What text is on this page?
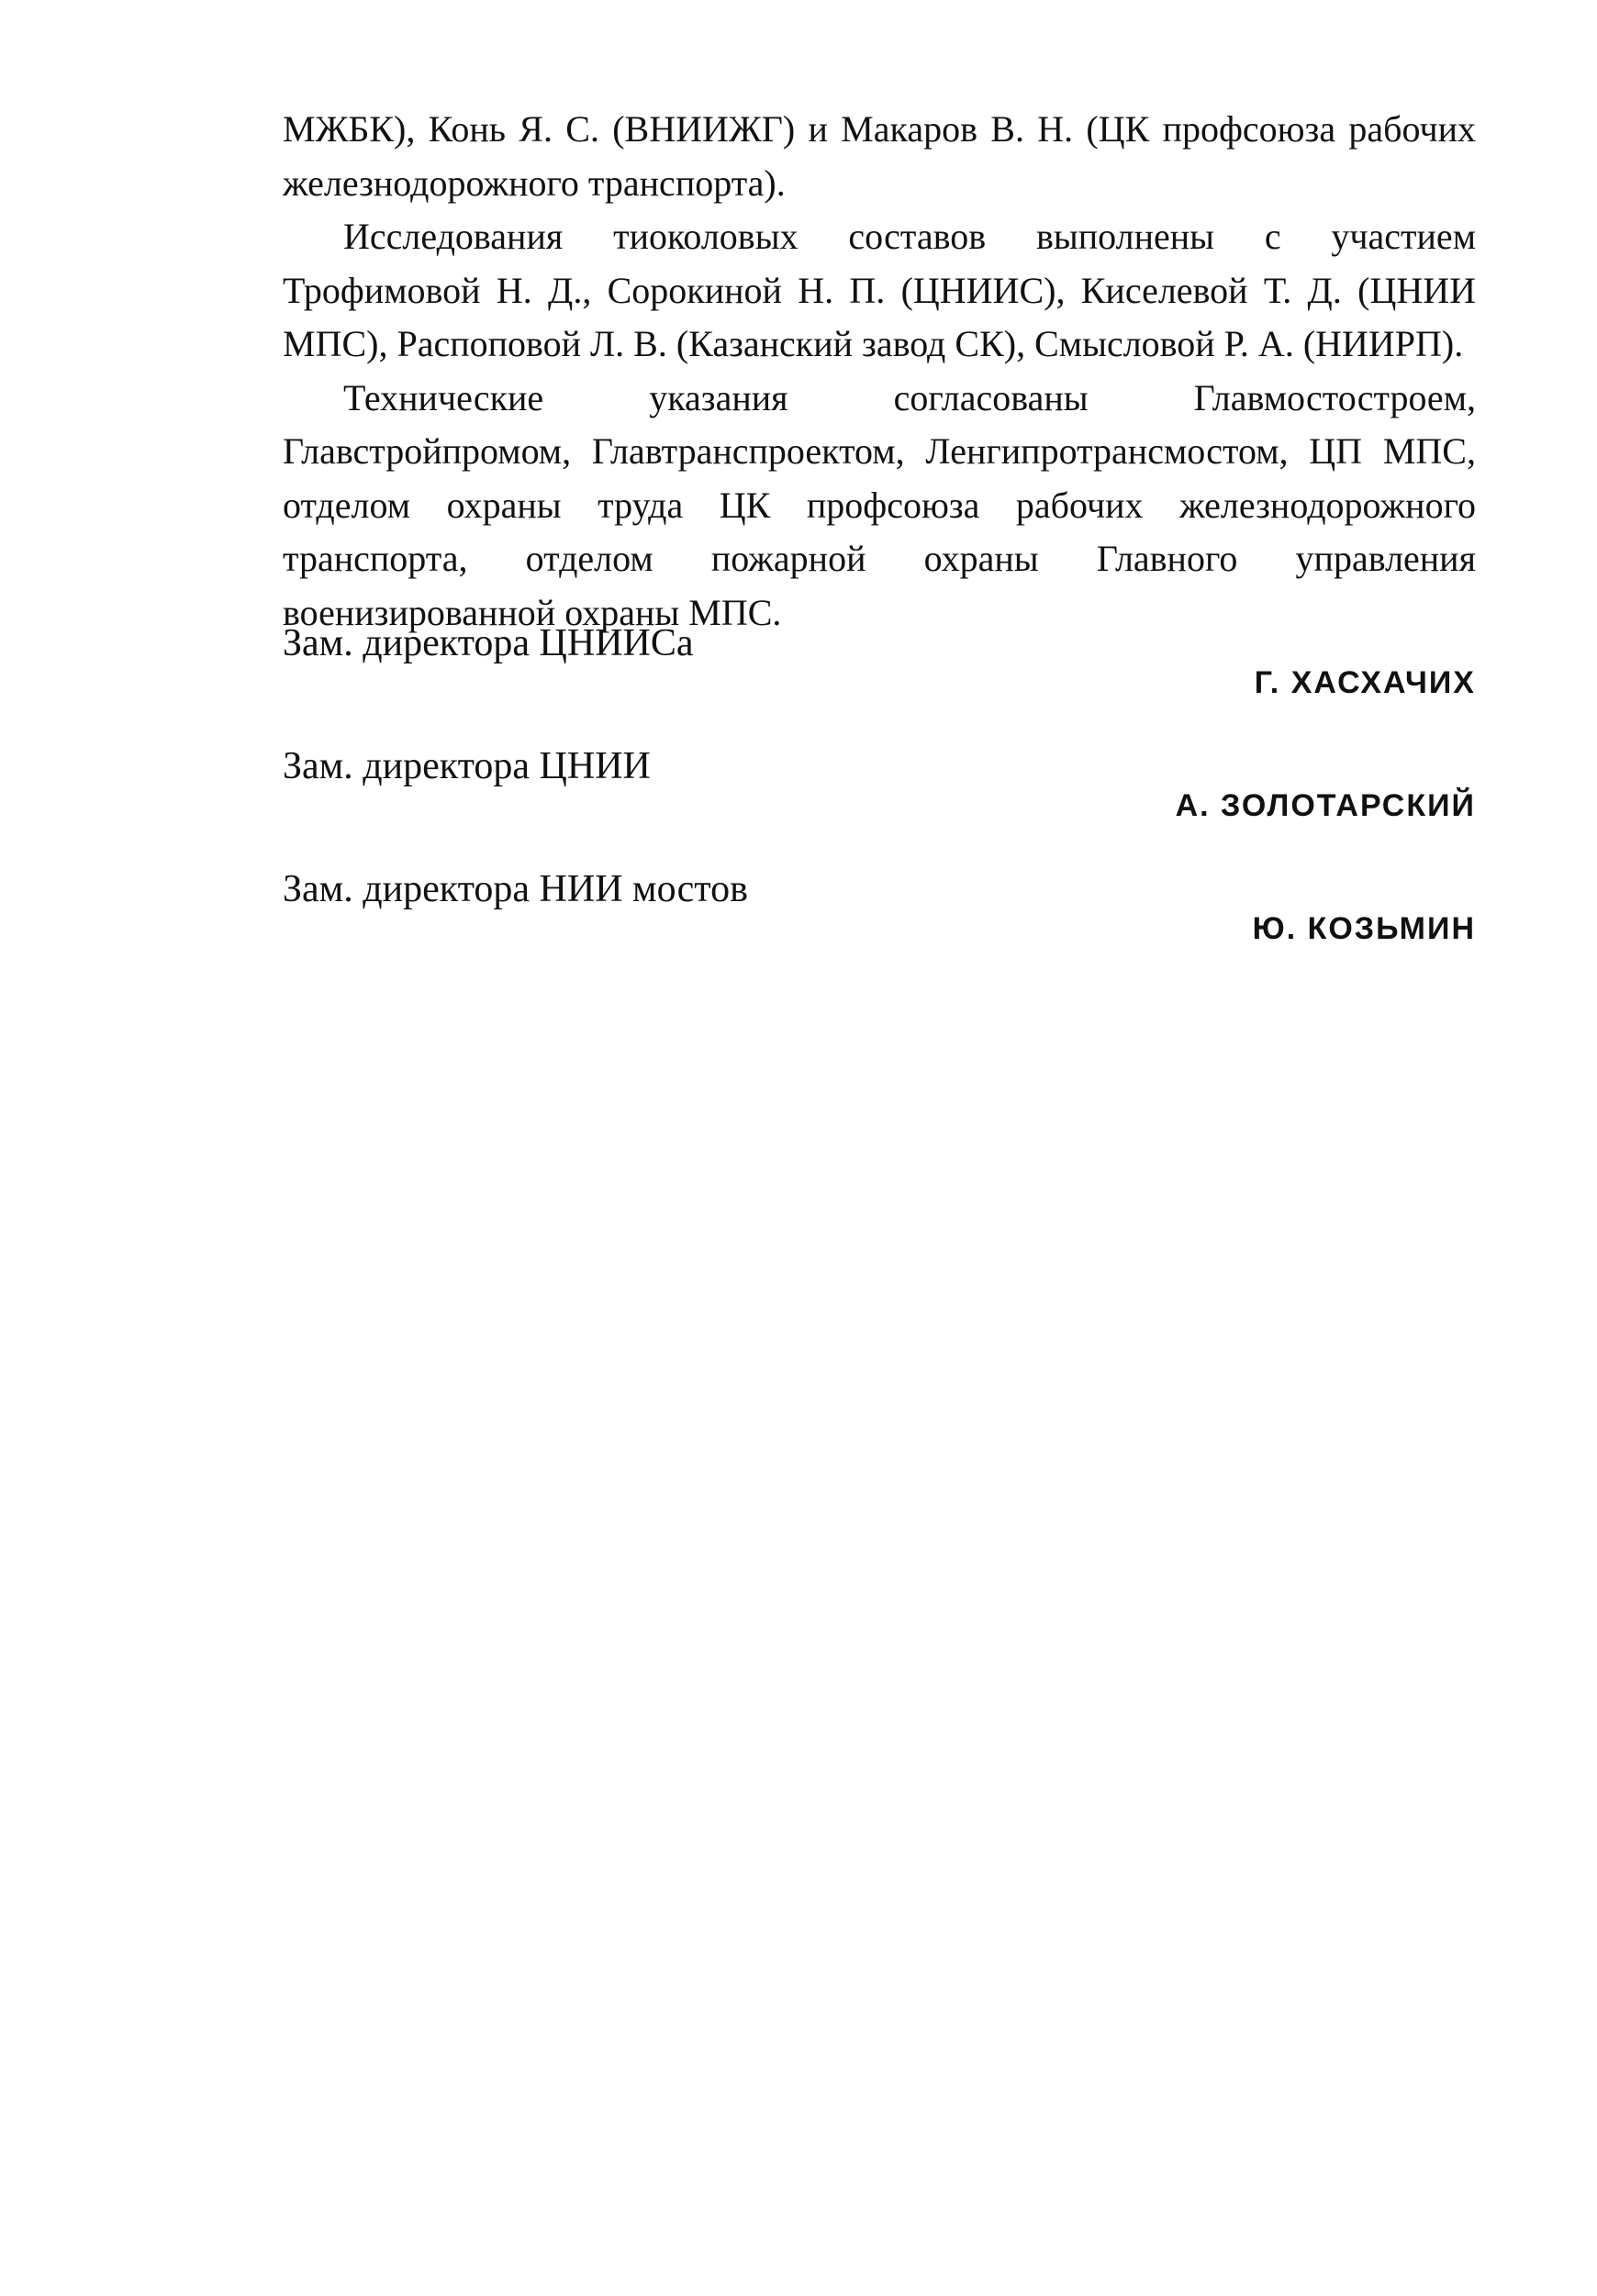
МЖБК), Конь Я. С. (ВНИИЖГ) и Макаров В. Н. (ЦК профсоюза рабочих железнодорожного транспорта).

Исследования тиоколовых составов выполнены с участием Трофимовой Н. Д., Сорокиной Н. П. (ЦНИИС), Киселевой Т. Д. (ЦНИИ МПС), Распоповой Л. В. (Казанский завод СК), Смысловой Р. А. (НИИРП).

Технические указания согласованы Главмостостроем, Главстройпромом, Главтранспроектом, Ленгипротрансмостом, ЦП МПС, отделом охраны труда ЦК профсоюза рабочих железнодорожного транспорта, отделом пожарной охраны Главного управления военизированной охраны МПС.

Зам. директора ЦНИИСа
Г. ХАСХАЧИХ
Зам. директора ЦНИИ
А. ЗОЛОТАРСКИЙ
Зам. директора НИИ мостов
Ю. КОЗЬМИН
